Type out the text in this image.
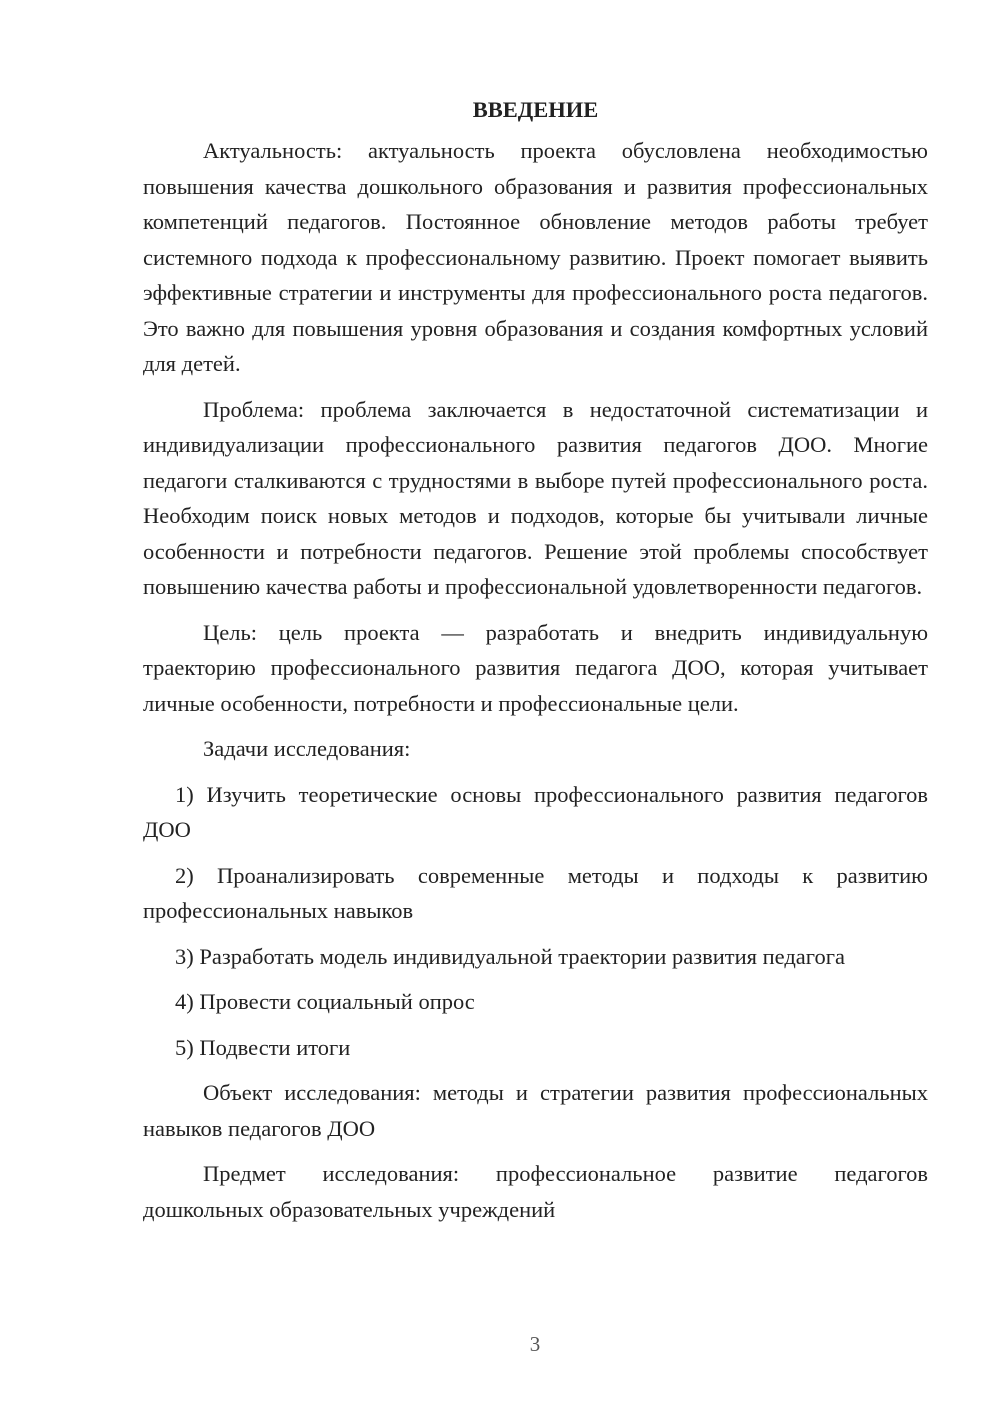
ВВЕДЕНИЕ

Актуальность: актуальность проекта обусловлена необходимостью повышения качества дошкольного образования и развития профессиональных компетенций педагогов. Постоянное обновление методов работы требует системного подхода к профессиональному развитию. Проект помогает выявить эффективные стратегии и инструменты для профессионального роста педагогов. Это важно для повышения уровня образования и создания комфортных условий для детей.

Проблема: проблема заключается в недостаточной систематизации и индивидуализации профессионального развития педагогов ДОО. Многие педагоги сталкиваются с трудностями в выборе путей профессионального роста. Необходим поиск новых методов и подходов, которые бы учитывали личные особенности и потребности педагогов. Решение этой проблемы способствует повышению качества работы и профессиональной удовлетворенности педагогов.

Цель: цель проекта — разработать и внедрить индивидуальную траекторию профессионального развития педагога ДОО, которая учитывает личные особенности, потребности и профессиональные цели.

Задачи исследования:

1) Изучить теоретические основы профессионального развития педагогов ДОО

2) Проанализировать современные методы и подходы к развитию профессиональных навыков

3) Разработать модель индивидуальной траектории развития педагога

4) Провести социальный опрос

5) Подвести итоги

Объект исследования: методы и стратегии развития профессиональных навыков педагогов ДОО

Предмет исследования: профессиональное развитие педагогов дошкольных образовательных учреждений

3
